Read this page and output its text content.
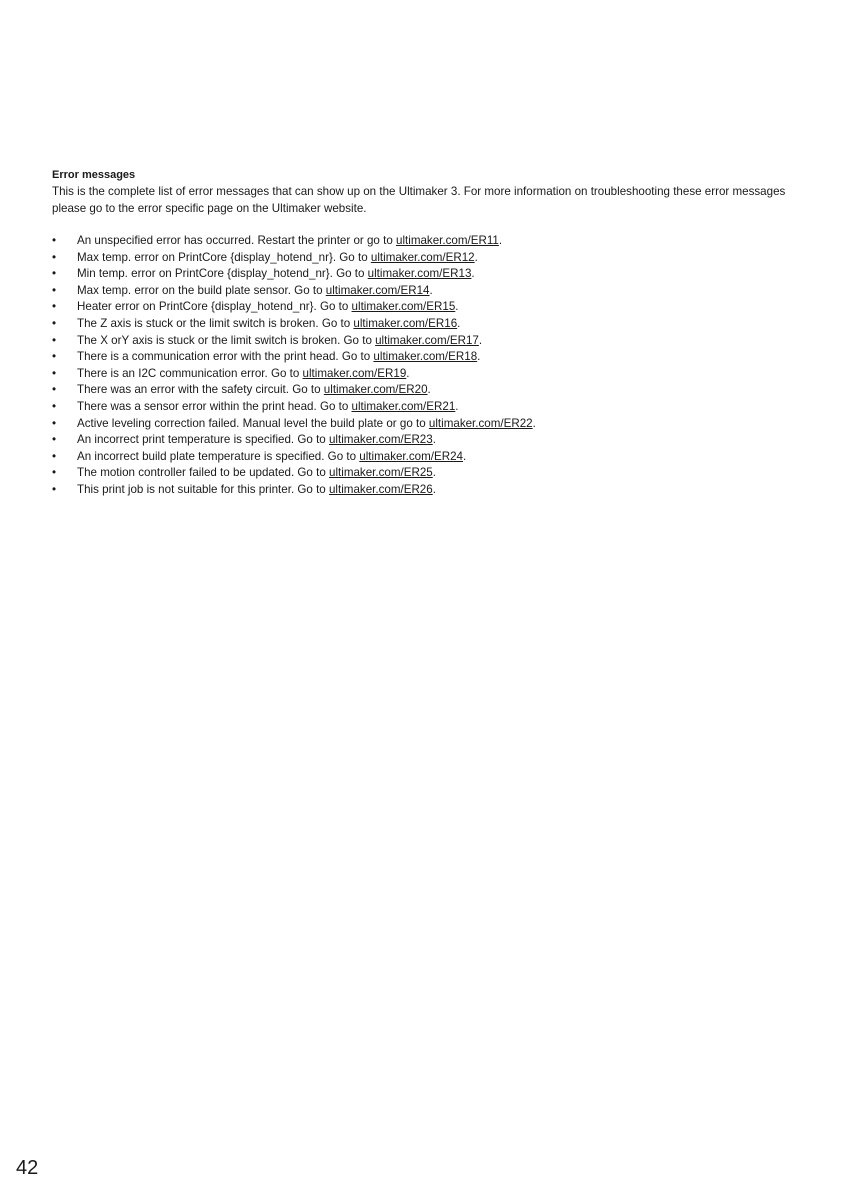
Error messages

This is the complete list of error messages that can show up on the Ultimaker 3. For more information on troubleshooting these error messages please go to the error specific page on the Ultimaker website.

• An unspecified error has occurred. Restart the printer or go to ultimaker.com/ER11.
• Max temp. error on PrintCore {display_hotend_nr}. Go to ultimaker.com/ER12.
• Min temp. error on PrintCore {display_hotend_nr}. Go to ultimaker.com/ER13.
• Max temp. error on the build plate sensor. Go to ultimaker.com/ER14.
• Heater error on PrintCore {display_hotend_nr}. Go to ultimaker.com/ER15.
• The Z axis is stuck or the limit switch is broken. Go to ultimaker.com/ER16.
• The X orY axis is stuck or the limit switch is broken. Go to ultimaker.com/ER17.
• There is a communication error with the print head. Go to ultimaker.com/ER18.
• There is an I2C communication error. Go to ultimaker.com/ER19.
• There was an error with the safety circuit. Go to ultimaker.com/ER20.
• There was a sensor error within the print head. Go to ultimaker.com/ER21.
• Active leveling correction failed. Manual level the build plate or go to ultimaker.com/ER22.
• An incorrect print temperature is specified. Go to ultimaker.com/ER23.
• An incorrect build plate temperature is specified. Go to ultimaker.com/ER24.
• The motion controller failed to be updated. Go to ultimaker.com/ER25.
• This print job is not suitable for this printer. Go to ultimaker.com/ER26.
42
